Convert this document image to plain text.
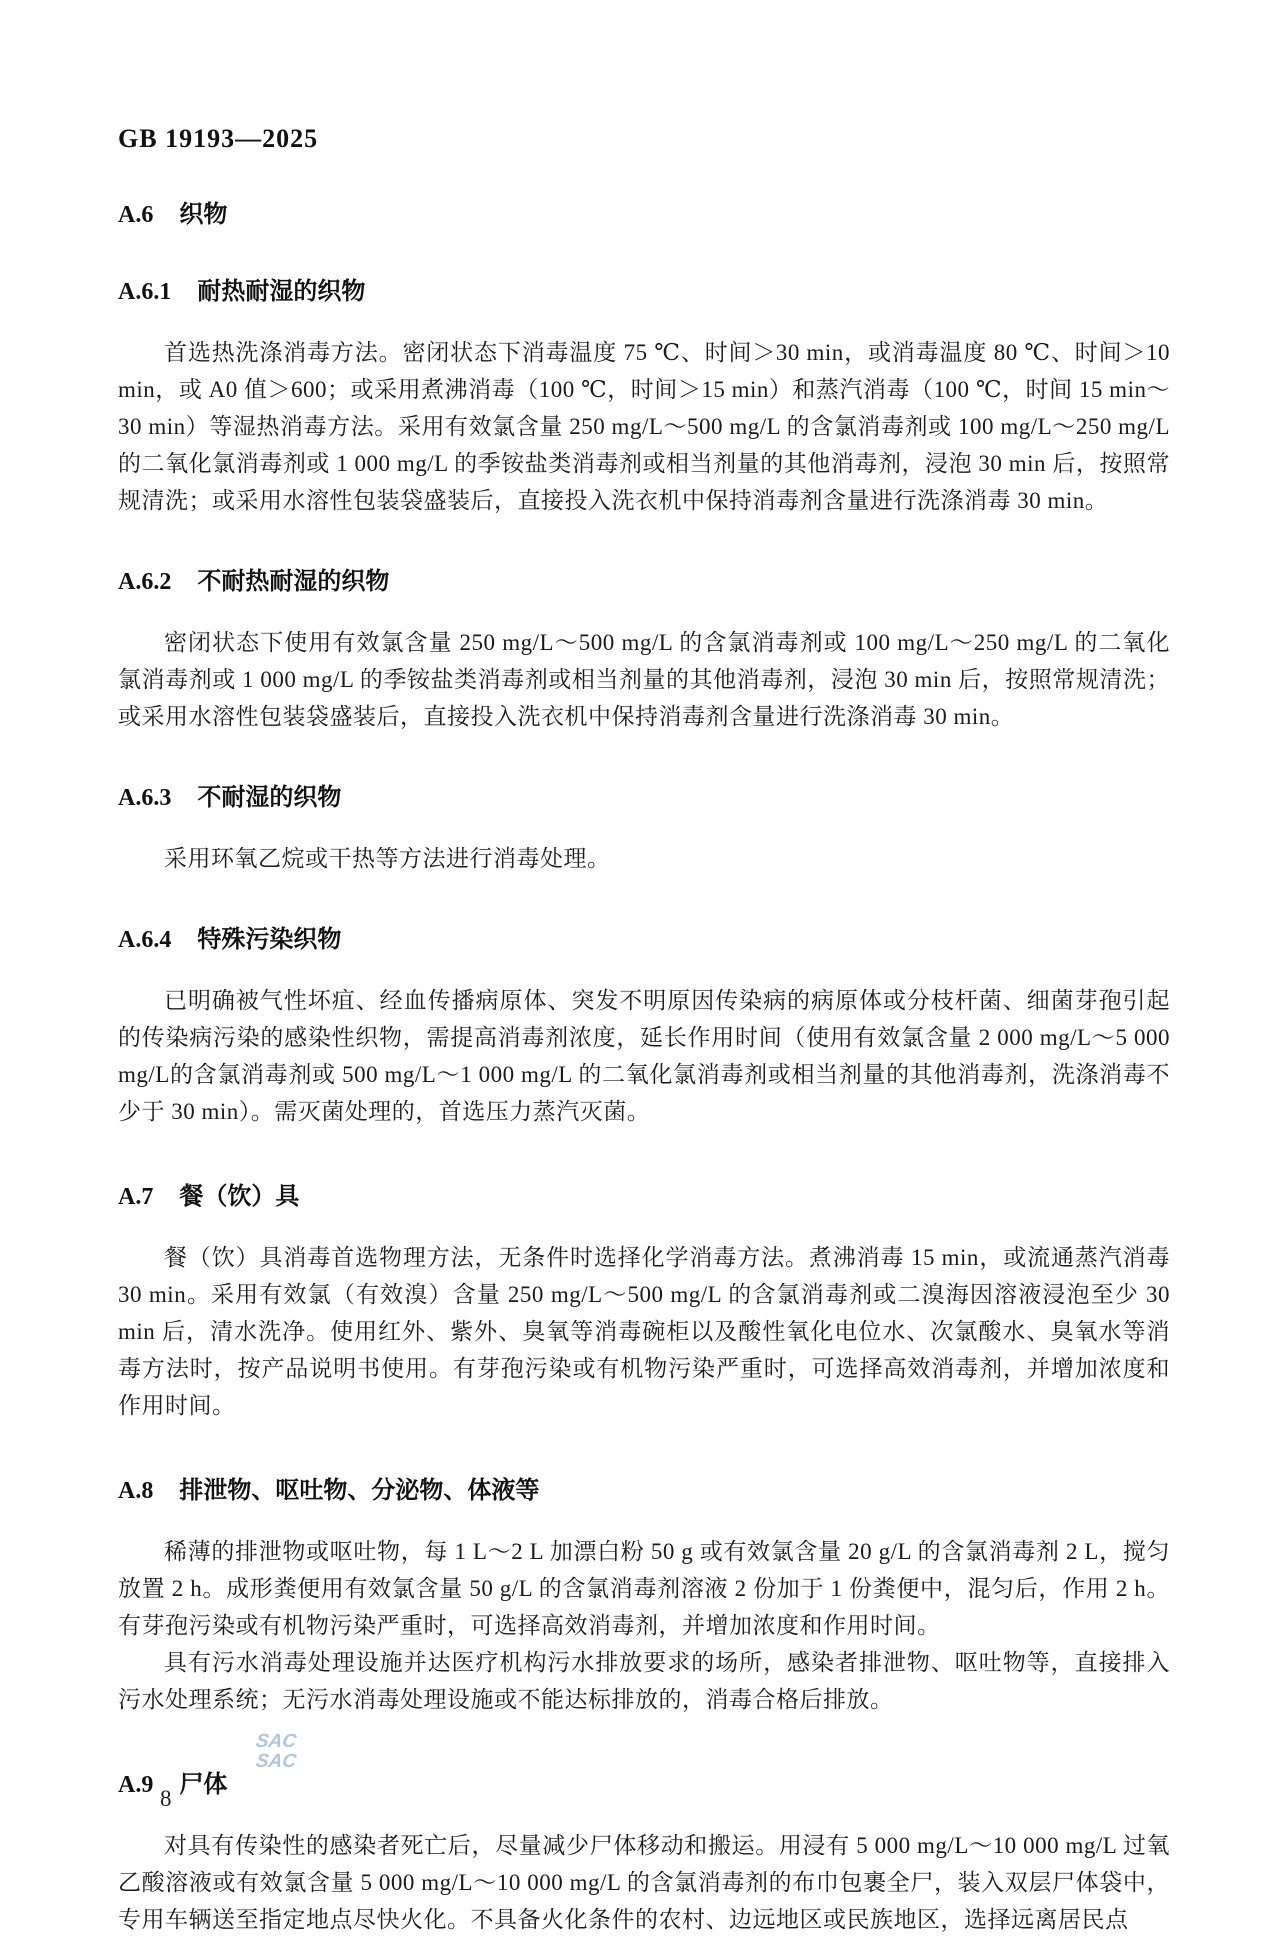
SAC
SAC
GB 19193—2025
A.6 织物
A.6.1 耐热耐湿的织物

首选热洗涤消毒方法。密闭状态下消毒温度 75 ℃、时间＞30 min，或消毒温度 80 ℃、时间＞10 min，或 A0 值＞600；或采用煮沸消毒（100 ℃，时间＞15 min）和蒸汽消毒（100 ℃，时间 15 min～30 min）等湿热消毒方法。采用有效氯含量 250 mg/L～500 mg/L 的含氯消毒剂或 100 mg/L～250 mg/L 的二氧化氯消毒剂或 1 000 mg/L 的季铵盐类消毒剂或相当剂量的其他消毒剂，浸泡 30 min 后，按照常规清洗；或采用水溶性包装袋盛装后，直接投入洗衣机中保持消毒剂含量进行洗涤消毒 30 min。

A.6.2 不耐热耐湿的织物

密闭状态下使用有效氯含量 250 mg/L～500 mg/L 的含氯消毒剂或 100 mg/L～250 mg/L 的二氧化氯消毒剂或 1 000 mg/L 的季铵盐类消毒剂或相当剂量的其他消毒剂，浸泡 30 min 后，按照常规清洗；或采用水溶性包装袋盛装后，直接投入洗衣机中保持消毒剂含量进行洗涤消毒 30 min。

A.6.3 不耐湿的织物

采用环氧乙烷或干热等方法进行消毒处理。

A.6.4 特殊污染织物

已明确被气性坏疽、经血传播病原体、突发不明原因传染病的病原体或分枝杆菌、细菌芽孢引起的传染病污染的感染性织物，需提高消毒剂浓度，延长作用时间（使用有效氯含量 2 000 mg/L～5 000 mg/L的含氯消毒剂或 500 mg/L～1 000 mg/L 的二氧化氯消毒剂或相当剂量的其他消毒剂，洗涤消毒不少于 30 min）。需灭菌处理的，首选压力蒸汽灭菌。

A.7 餐（饮）具

餐（饮）具消毒首选物理方法，无条件时选择化学消毒方法。煮沸消毒 15 min，或流通蒸汽消毒 30 min。采用有效氯（有效溴）含量 250 mg/L～500 mg/L 的含氯消毒剂或二溴海因溶液浸泡至少 30 min 后，清水洗净。使用红外、紫外、臭氧等消毒碗柜以及酸性氧化电位水、次氯酸水、臭氧水等消毒方法时，按产品说明书使用。有芽孢污染或有机物污染严重时，可选择高效消毒剂，并增加浓度和作用时间。

A.8 排泄物、呕吐物、分泌物、体液等

稀薄的排泄物或呕吐物，每 1 L～2 L 加漂白粉 50 g 或有效氯含量 20 g/L 的含氯消毒剂 2 L，搅匀放置 2 h。成形粪便用有效氯含量 50 g/L 的含氯消毒剂溶液 2 份加于 1 份粪便中，混匀后，作用 2 h。有芽孢污染或有机物污染严重时，可选择高效消毒剂，并增加浓度和作用时间。

具有污水消毒处理设施并达医疗机构污水排放要求的场所，感染者排泄物、呕吐物等，直接排入污水处理系统；无污水消毒处理设施或不能达标排放的，消毒合格后排放。

A.9 尸体

对具有传染性的感染者死亡后，尽量减少尸体移动和搬运。用浸有 5 000 mg/L～10 000 mg/L 过氧乙酸溶液或有效氯含量 5 000 mg/L～10 000 mg/L 的含氯消毒剂的布巾包裹全尸，装入双层尸体袋中，专用车辆送至指定地点尽快火化。不具备火化条件的农村、边远地区或民族地区，选择远离居民点

8
